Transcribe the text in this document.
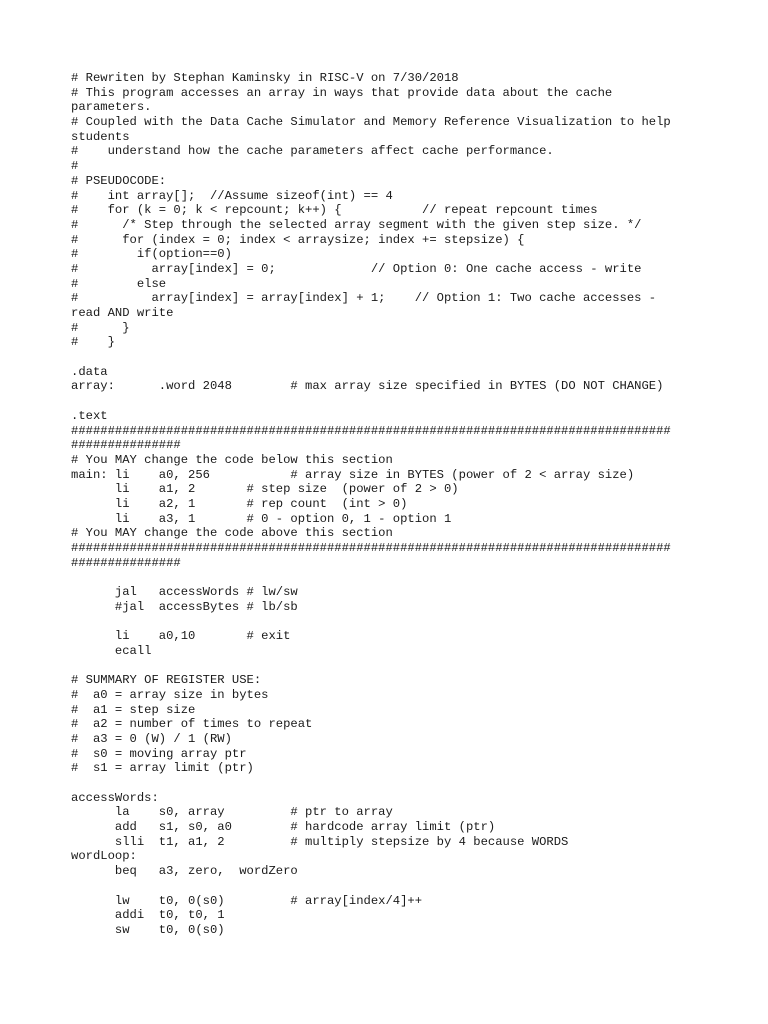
# Rewriten by Stephan Kaminsky in RISC-V on 7/30/2018
# This program accesses an array in ways that provide data about the cache
parameters.
# Coupled with the Data Cache Simulator and Memory Reference Visualization to help
students
#    understand how the cache parameters affect cache performance.
#
# PSEUDOCODE:
#    int array[];  //Assume sizeof(int) == 4
#    for (k = 0; k < repcount; k++) {           // repeat repcount times
#      /* Step through the selected array segment with the given step size. */
#      for (index = 0; index < arraysize; index += stepsize) {
#        if(option==0)
#          array[index] = 0;             // Option 0: One cache access - write
#        else
#          array[index] = array[index] + 1;    // Option 1: Two cache accesses -
read AND write
#      }
#    }
.data
array:      .word 2048        # max array size specified in BYTES (DO NOT CHANGE)
.text
##################################################################################
###############
# You MAY change the code below this section
main: li    a0, 256           # array size in BYTES (power of 2 < array size)
li    a1, 2       # step size  (power of 2 > 0)
li    a2, 1       # rep count  (int > 0)
li    a3, 1       # 0 - option 0, 1 - option 1
# You MAY change the code above this section
##################################################################################
###############
jal   accessWords # lw/sw
#jal  accessBytes # lb/sb
li    a0,10       # exit
ecall
# SUMMARY OF REGISTER USE:
#  a0 = array size in bytes
#  a1 = step size
#  a2 = number of times to repeat
#  a3 = 0 (W) / 1 (RW)
#  s0 = moving array ptr
#  s1 = array limit (ptr)
accessWords:
la    s0, array         # ptr to array
add   s1, s0, a0        # hardcode array limit (ptr)
slli  t1, a1, 2         # multiply stepsize by 4 because WORDS
wordLoop:
beq   a3, zero,  wordZero
lw    t0, 0(s0)         # array[index/4]++
addi  t0, t0, 1
sw    t0, 0(s0)
